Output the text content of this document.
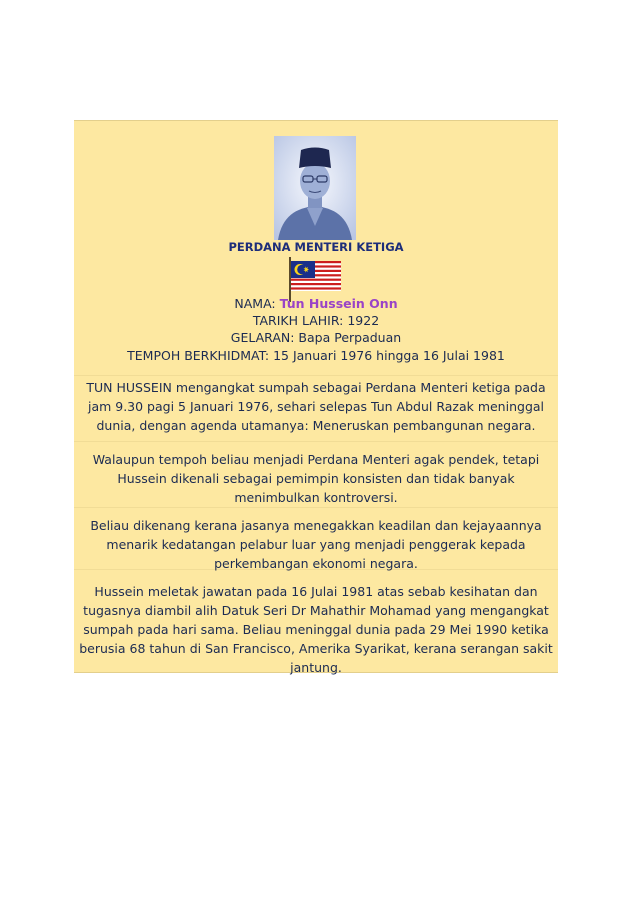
PERDANA MENTERI KETIGA
NAMA: Tun Hussein Onn
TARIKH LAHIR: 1922
GELARAN: Bapa Perpaduan
TEMPOH BERKHIDMAT: 15 Januari 1976 hingga 16 Julai 1981
TUN HUSSEIN mengangkat sumpah sebagai Perdana Menteri ketiga pada
jam 9.30 pagi 5 Januari 1976, sehari selepas Tun Abdul Razak meninggal
dunia, dengan agenda utamanya: Meneruskan pembangunan negara.
Walaupun tempoh beliau menjadi Perdana Menteri agak pendek, tetapi
Hussein dikenali sebagai pemimpin konsisten dan tidak banyak
menimbulkan kontroversi.
Beliau dikenang kerana jasanya menegakkan keadilan dan kejayaannya
menarik kedatangan pelabur luar yang menjadi penggerak kepada
perkembangan ekonomi negara.
Hussein meletak jawatan pada 16 Julai 1981 atas sebab kesihatan dan
tugasnya diambil alih Datuk Seri Dr Mahathir Mohamad yang mengangkat
sumpah pada hari sama. Beliau meninggal dunia pada 29 Mei 1990 ketika
berusia 68 tahun di San Francisco, Amerika Syarikat, kerana serangan sakit
jantung.
